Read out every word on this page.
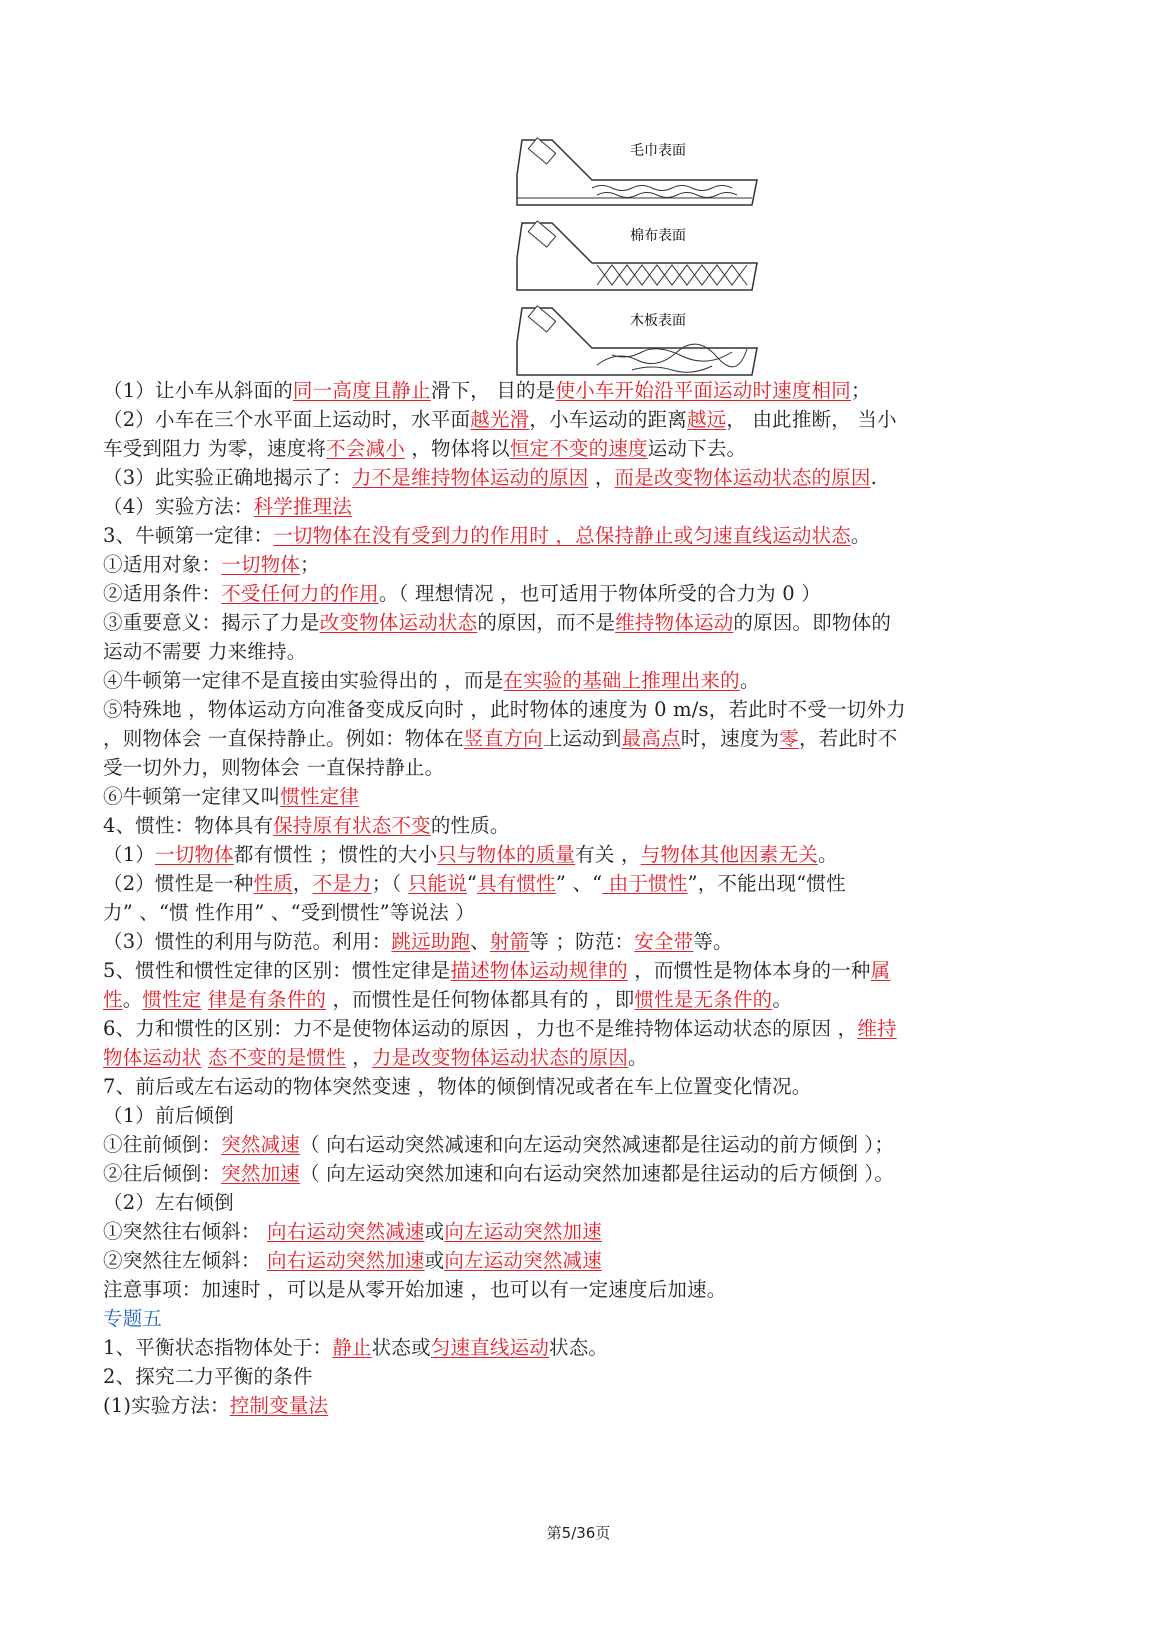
毛巾表面
棉布表面
木板表面
（1）让小车从斜面的同一高度且静止滑下， 目的是使小车开始沿平面运动时速度相同；
（2）小车在三个水平面上运动时，水平面越光滑，小车运动的距离越远， 由此推断， 当小
车受到阻力 为零，速度将不会减小 ，物体将以恒定不变的速度运动下去。
（3）此实验正确地揭示了：力不是维持物体运动的原因 ，而是改变物体运动状态的原因.
（4）实验方法：科学推理法
3、牛顿第一定律：一切物体在没有受到力的作用时 ，总保持静止或匀速直线运动状态。
①适用对象：一切物体；
②适用条件：不受任何力的作用。（ 理想情况 ，也可适用于物体所受的合力为 0 ）
③重要意义：揭示了力是改变物体运动状态的原因，而不是维持物体运动的原因。即物体的
运动不需要 力来维持。
④牛顿第一定律不是直接由实验得出的 ，而是在实验的基础上推理出来的。
⑤特殊地 ，物体运动方向准备变成反向时 ，此时物体的速度为 0 m/s，若此时不受一切外力
，则物体会 一直保持静止。例如：物体在竖直方向上运动到最高点时，速度为零，若此时不
受一切外力，则物体会 一直保持静止。
⑥牛顿第一定律又叫惯性定律
4、惯性：物体具有保持原有状态不变的性质。
（1）一切物体都有惯性 ；惯性的大小只与物体的质量有关 ，与物体其他因素无关。
（2）惯性是一种性质，不是力；（ 只能说“具有惯性” 、“ 由于惯性”，不能出现“惯性
力” 、“惯 性作用” 、“受到惯性”等说法 ）
（3）惯性的利用与防范。利用：跳远助跑、射箭等 ；防范：安全带等。
5、惯性和惯性定律的区别：惯性定律是描述物体运动规律的 ，而惯性是物体本身的一种属
性。惯性定 律是有条件的 ，而惯性是任何物体都具有的 ，即惯性是无条件的。
6、力和惯性的区别：力不是使物体运动的原因 ，力也不是维持物体运动状态的原因 ，维持
物体运动状 态不变的是惯性 ，力是改变物体运动状态的原因。
7、前后或左右运动的物体突然变速 ，物体的倾倒情况或者在车上位置变化情况。
（1）前后倾倒
①往前倾倒：突然减速（ 向右运动突然减速和向左运动突然减速都是往运动的前方倾倒 ）；
②往后倾倒：突然加速（ 向左运动突然加速和向右运动突然加速都是往运动的后方倾倒 ）。
（2）左右倾倒
①突然往右倾斜： 向右运动突然减速或向左运动突然加速
②突然往左倾斜： 向右运动突然加速或向左运动突然减速
注意事项：加速时 ，可以是从零开始加速 ，也可以有一定速度后加速。
专题五
1、平衡状态指物体处于：静止状态或匀速直线运动状态。
2、探究二力平衡的条件
(1)实验方法：控制变量法
第5/36页
